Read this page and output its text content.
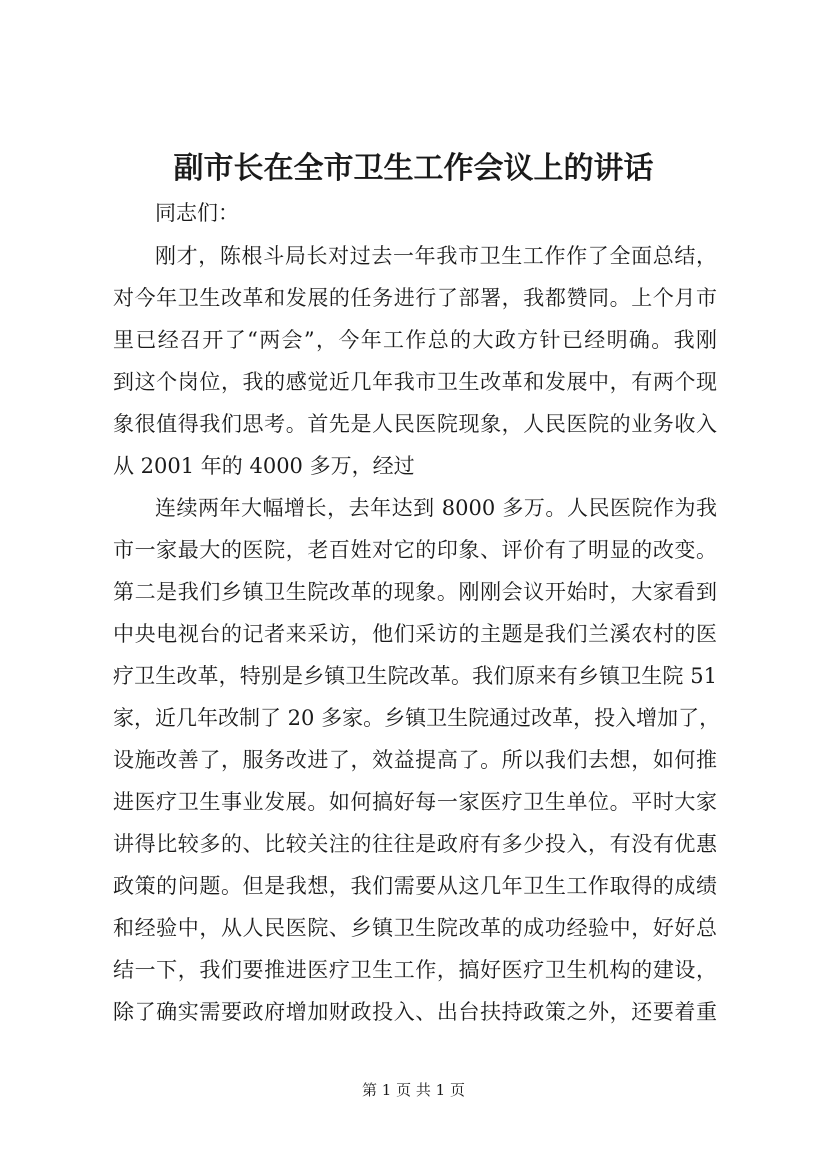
副市长在全市卫生工作会议上的讲话

同志们：

刚才，陈根斗局长对过去一年我市卫生工作作了全面总结，

对今年卫生改革和发展的任务进行了部署，我都赞同。上个月市

里已经召开了“两会”，今年工作总的大政方针已经明确。我刚

到这个岗位，我的感觉近几年我市卫生改革和发展中，有两个现

象很值得我们思考。首先是人民医院现象，人民医院的业务收入

从 2001 年的 4000 多万，经过

连续两年大幅增长，去年达到 8000 多万。人民医院作为我

市一家最大的医院，老百姓对它的印象、评价有了明显的改变。

第二是我们乡镇卫生院改革的现象。刚刚会议开始时，大家看到

中央电视台的记者来采访，他们采访的主题是我们兰溪农村的医

疗卫生改革，特别是乡镇卫生院改革。我们原来有乡镇卫生院 51

家，近几年改制了 20 多家。乡镇卫生院通过改革，投入增加了，

设施改善了，服务改进了，效益提高了。所以我们去想，如何推

进医疗卫生事业发展。如何搞好每一家医疗卫生单位。平时大家

讲得比较多的、比较关注的往往是政府有多少投入，有没有优惠

政策的问题。但是我想，我们需要从这几年卫生工作取得的成绩

和经验中，从人民医院、乡镇卫生院改革的成功经验中，好好总

结一下，我们要推进医疗卫生工作，搞好医疗卫生机构的建设，

除了确实需要政府增加财政投入、出台扶持政策之外，还要着重

第 1 页 共 1 页
